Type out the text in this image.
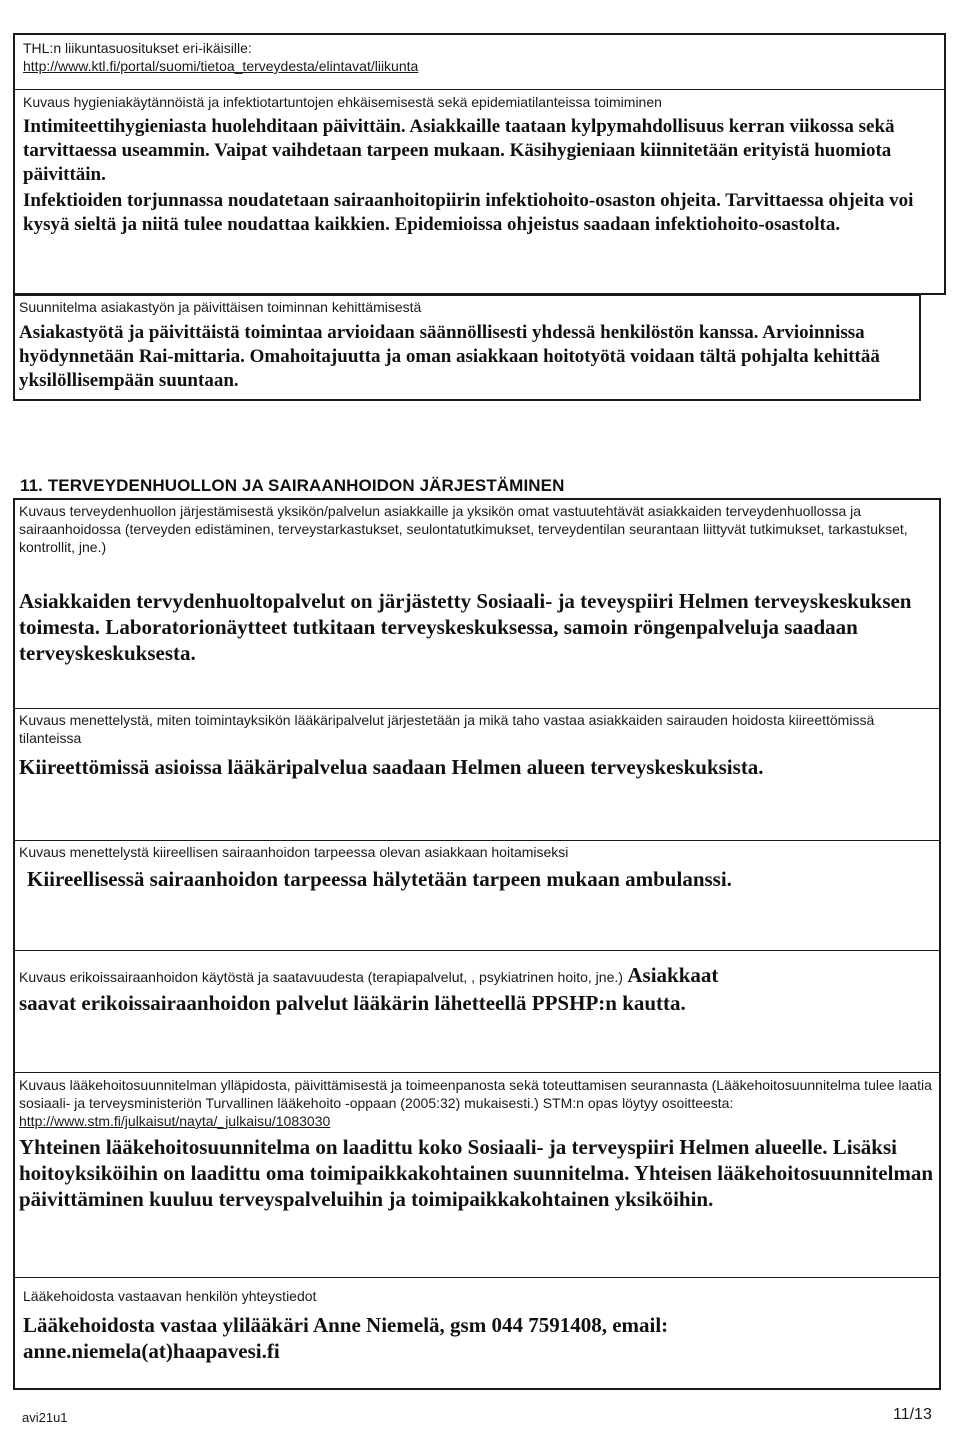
THL:n liikuntasuositukset eri-ikäisille:
http://www.ktl.fi/portal/suomi/tietoa_terveydesta/elintavat/liikunta
Kuvaus hygieniakäytännöistä ja infektiotartuntojen ehkäisemisestä sekä epidemiatilanteissa toimiminen
Intimiteettihygieniasta huolehditaan päivittäin. Asiakkaille taataan kylpymahdollisuus kerran viikossa sekä tarvittaessa useammin. Vaipat vaihdetaan tarpeen mukaan. Käsihygieniaan kiinnitetään erityistä huomiota päivittäin.
Infektioiden torjunnassa noudatetaan sairaanhoitopiirin infektiohoito-osaston ohjeita. Tarvittaessa ohjeita voi kysyä sieltä ja niitä tulee noudattaa kaikkien. Epidemioissa ohjeistus saadaan infektiohoito-osastolta.
Suunnitelma asiakastyön ja päivittäisen toiminnan kehittämisestä
Asiakastyötä ja päivittäistä toimintaa arvioidaan säännöllisesti yhdessä henkilöstön kanssa. Arvioinnissa hyödynnetään Rai-mittaria. Omahoitajuutta ja oman asiakkaan hoitotyötä voidaan tältä pohjalta kehittää yksilöllisempään suuntaan.
11. TERVEYDENHUOLLON JA SAIRAANHOIDON JÄRJESTÄMINEN
Kuvaus terveydenhuollon järjestämisestä yksikön/palvelun asiakkaille ja yksikön omat vastuutehtävät asiakkaiden terveydenhuollossa ja sairaanhoidossa (terveyden edistäminen, terveystarkastukset, seulontatutkimukset, terveydentilan seurantaan liittyvät tutkimukset, tarkastukset, kontrollit, jne.)
Asiakkaiden tervydenhuoltopalvelut on järjästetty Sosiaali- ja teveyspiiri Helmen terveyskeskuksen toimesta. Laboratorionäytteet tutkitaan terveyskeskuksessa, samoin röngenpalveluja saadaan terveyskeskuksesta.
Kuvaus menettelystä, miten toimintayksikön lääkäripalvelut järjestetään ja mikä taho vastaa asiakkaiden sairauden hoidosta kiireettömissä tilanteissa
Kiireettömissä asioissa lääkäripalvelua saadaan Helmen alueen terveyskeskuksista.
Kuvaus menettelystä kiireellisen sairaanhoidon tarpeessa olevan asiakkaan hoitamiseksi
Kiireellisessä sairaanhoidon tarpeessa hälytetään tarpeen mukaan ambulanssi.
Kuvaus erikoissairaanhoidon käytöstä ja saatavuudesta (terapiapalvelut, , psykiatrinen hoito, jne.) Asiakkaat
saavat erikoissairaanhoidon palvelut lääkärin lähetteellä PPSHP:n kautta.
Kuvaus lääkehoitosuunnitelman ylläpidosta, päivittämisestä ja toimeenpanosta sekä toteuttamisen seurannasta (Lääkehoitosuunnitelma tulee laatia sosiaali- ja terveysministeriön Turvallinen lääkehoito -oppaan (2005:32) mukaisesti.) STM:n opas löytyy osoitteesta: http://www.stm.fi/julkaisut/nayta/_julkaisu/1083030
Yhteinen lääkehoitosuunnitelma on laadittu koko Sosiaali- ja terveyspiiri Helmen alueelle. Lisäksi hoitoyksiköihin on laadittu oma toimipaikkakohtainen suunnitelma. Yhteisen lääkehoitosuunnitelman päivittäminen kuuluu terveyspalveluihin ja toimipaikkakohtainen yksiköihin.
Lääkehoidosta vastaavan henkilön yhteystiedot
Lääkehoidosta vastaa ylilääkäri Anne Niemelä, gsm 044 7591408, email: anne.niemela(at)haapavesi.fi
avi21u1	11/13
